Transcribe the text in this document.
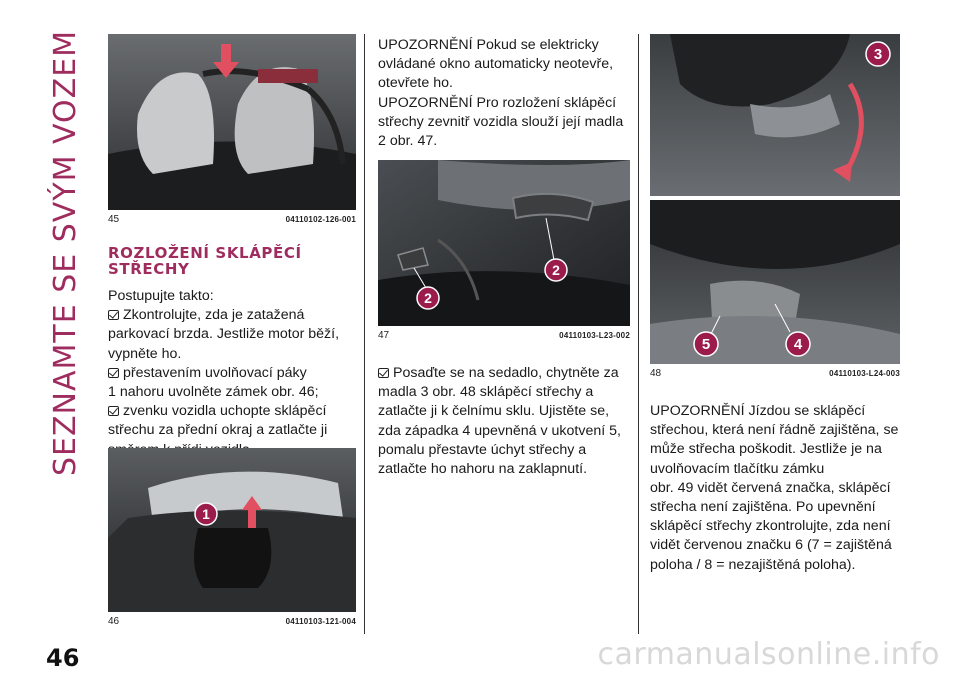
SEZNAMTE SE SVÝM VOZEM
46	carmanualsonline.info
45	04110102-126-001
ROZLOŽENÍ SKLÁPĚCÍ
STŘECHY

Postupujte takto:

Zkontrolujte, zda je zatažená

parkovací brzda. Jestliže motor běží,

vypněte ho.

přestavením uvolňovací páky

1 nahoru uvolněte zámek obr. 46;

zvenku vozidla uchopte sklápěcí

střechu za přední okraj a zatlačte ji

1
46	04110103-121-004

UPOZORNĚNÍ Pokud se elektricky

ovládané okno automaticky neotevře,

otevřete ho.

UPOZORNĚNÍ Pro rozložení sklápěcí

střechy zevnitř vozidla slouží její madla

2 obr. 47.

2
2
47	04110103-L23-002

Posaďte se na sedadlo, chytněte za

madla 3 obr. 48 sklápěcí střechy a

zatlačte ji k čelnímu sklu. Ujistěte se,

zda západka 4 upevněná v ukotvení 5,

pomalu přestavte úchyt střechy a

zatlačte ho nahoru na zaklapnutí.

3
5	4
48	04110103-L24-003

UPOZORNĚNÍ Jízdou se sklápěcí

střechou, která není řádně zajištěna, se

může střecha poškodit. Jestliže je na

uvolňovacím tlačítku zámku

obr. 49 vidět červená značka, sklápěcí

střecha není zajištěna. Po upevnění

sklápěcí střechy zkontrolujte, zda není

vidět červenou značku 6 (7 = zajištěná

poloha / 8 = nezajištěná poloha).
